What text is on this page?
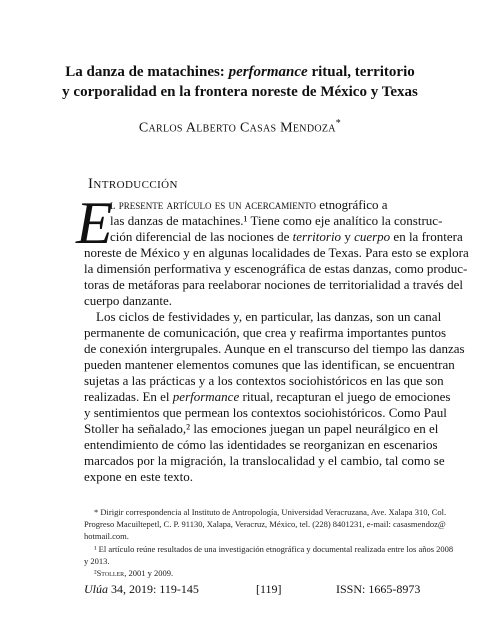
La danza de matachines: performance ritual, territorio
y corporalidad en la frontera noreste de México y Texas
Carlos Alberto Casas Mendoza*
Introducción
E
l presente artículo es un acercamiento etnográfico a
las danzas de matachines.¹ Tiene como eje analítico la construc-
ción diferencial de las nociones de territorio y cuerpo en la frontera
noreste de México y en algunas localidades de Texas. Para esto se explora
la dimensión performativa y escenográfica de estas danzas, como produc-
toras de metáforas para reelaborar nociones de territorialidad a través del
cuerpo danzante.
Los ciclos de festividades y, en particular, las danzas, son un canal
permanente de comunicación, que crea y reafirma importantes puntos
de conexión intergrupales. Aunque en el transcurso del tiempo las danzas
pueden mantener elementos comunes que las identifican, se encuentran
sujetas a las prácticas y a los contextos sociohistóricos en las que son
realizadas. En el performance ritual, recapturan el juego de emociones
y sentimientos que permean los contextos sociohistóricos. Como Paul
Stoller ha señalado,² las emociones juegan un papel neurálgico en el
entendimiento de cómo las identidades se reorganizan en escenarios
marcados por la migración, la translocalidad y el cambio, tal como se
expone en este texto.
* Dirigir correspondencia al Instituto de Antropología, Universidad Veracruzana, Ave. Xalapa 310, Col.
Progreso Macuiltepetl, C. P. 91130, Xalapa, Veracruz, México, tel. (228) 8401231, e-mail: casasmendoz@
hotmail.com.
¹ El artículo reúne resultados de una investigación etnográfica y documental realizada entre los años 2008
y 2013.
²Stoller, 2001 y 2009.
Ulúa 34, 2019: 119-145	[119]	ISSN: 1665-8973
